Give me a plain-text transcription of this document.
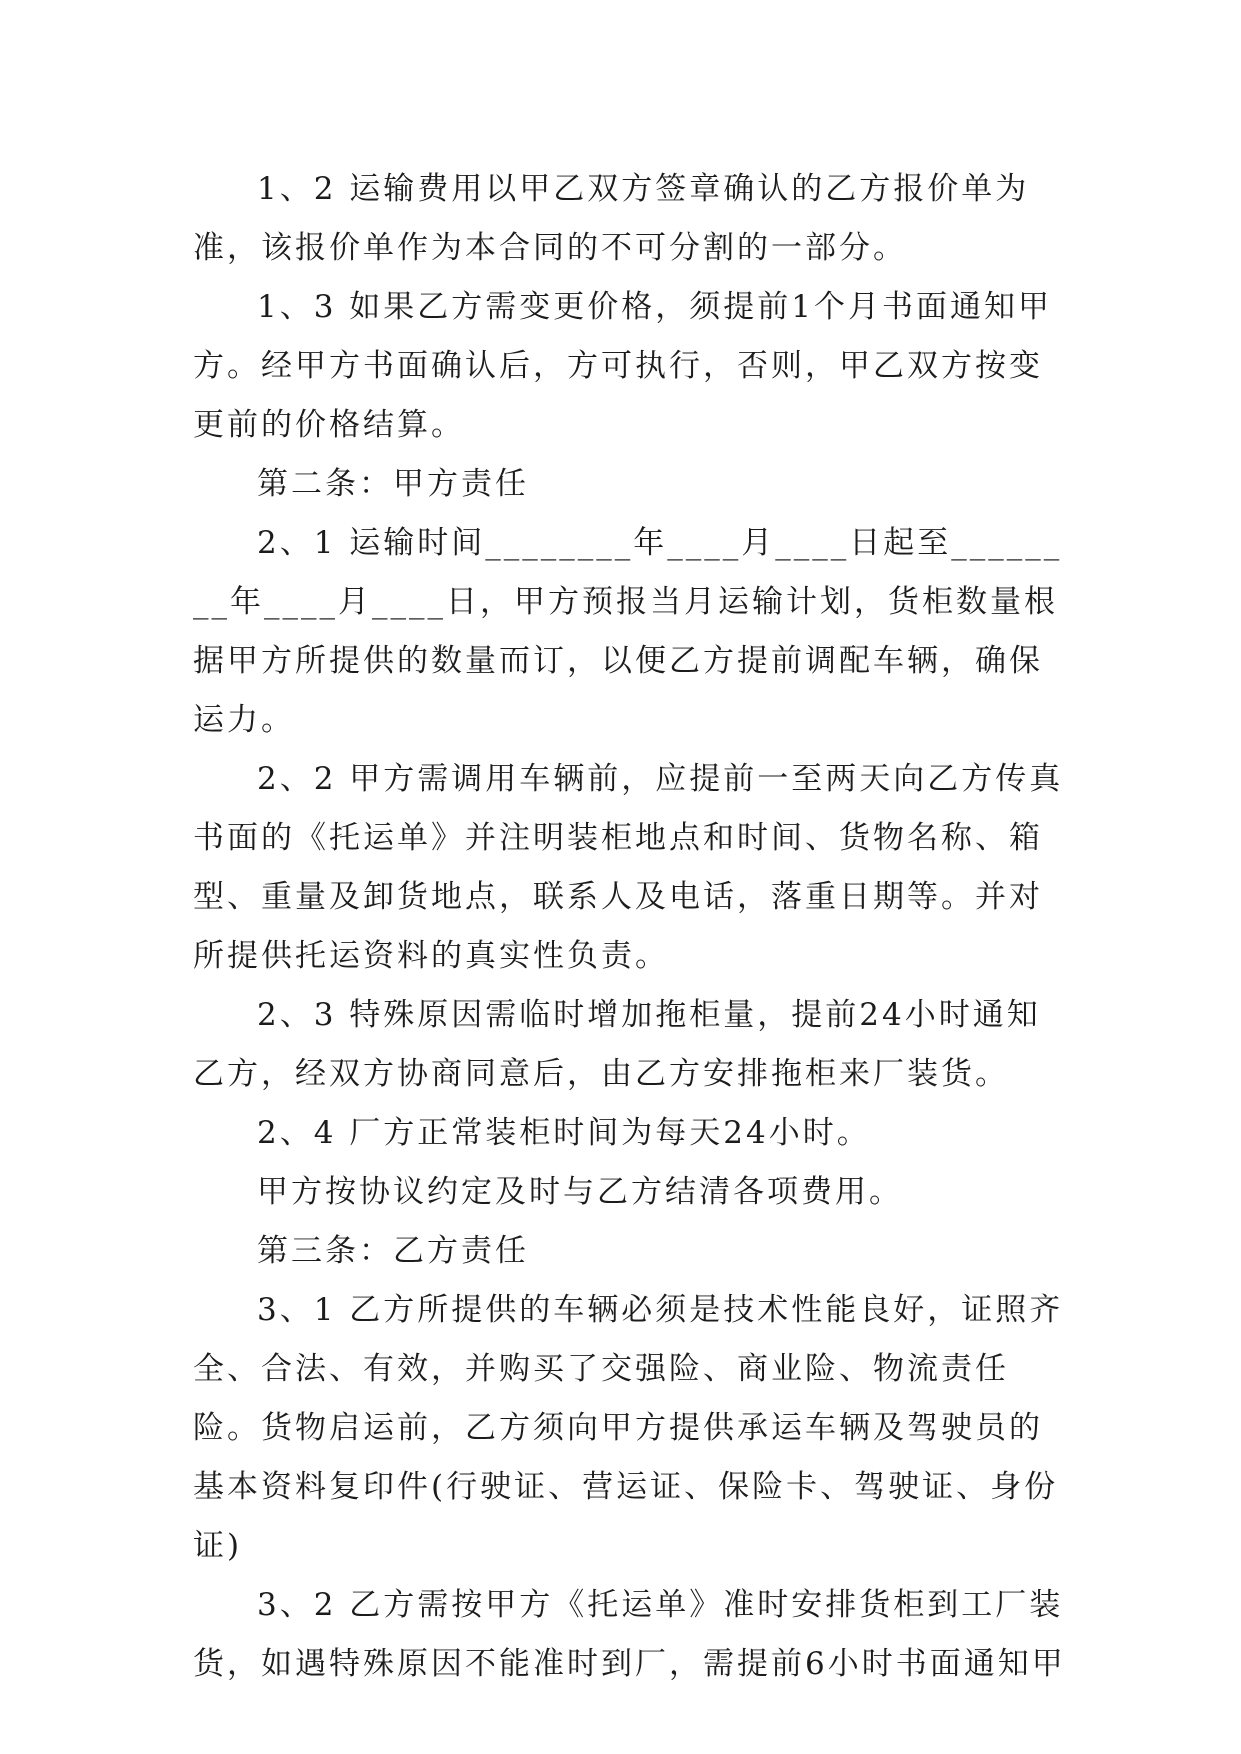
1、2 运输费用以甲乙双方签章确认的乙方报价单为准，该报价单作为本合同的不可分割的一部分。

1、3 如果乙方需变更价格，须提前1个月书面通知甲方。经甲方书面确认后，方可执行，否则，甲乙双方按变更前的价格结算。

第二条：甲方责任

2、1 运输时间________年____月____日起至________年____月____日，甲方预报当月运输计划，货柜数量根据甲方所提供的数量而订，以便乙方提前调配车辆，确保运力。

2、2 甲方需调用车辆前，应提前一至两天向乙方传真书面的《托运单》并注明装柜地点和时间、货物名称、箱型、重量及卸货地点，联系人及电话，落重日期等。并对所提供托运资料的真实性负责。

2、3 特殊原因需临时增加拖柜量，提前24小时通知乙方，经双方协商同意后，由乙方安排拖柜来厂装货。

2、4 厂方正常装柜时间为每天24小时。

甲方按协议约定及时与乙方结清各项费用。

第三条：乙方责任

3、1 乙方所提供的车辆必须是技术性能良好，证照齐全、合法、有效，并购买了交强险、商业险、物流责任险。货物启运前，乙方须向甲方提供承运车辆及驾驶员的基本资料复印件(行驶证、营运证、保险卡、驾驶证、身份证)

3、2 乙方需按甲方《托运单》准时安排货柜到工厂装货，如遇特殊原因不能准时到厂，需提前6小时书面通知甲
